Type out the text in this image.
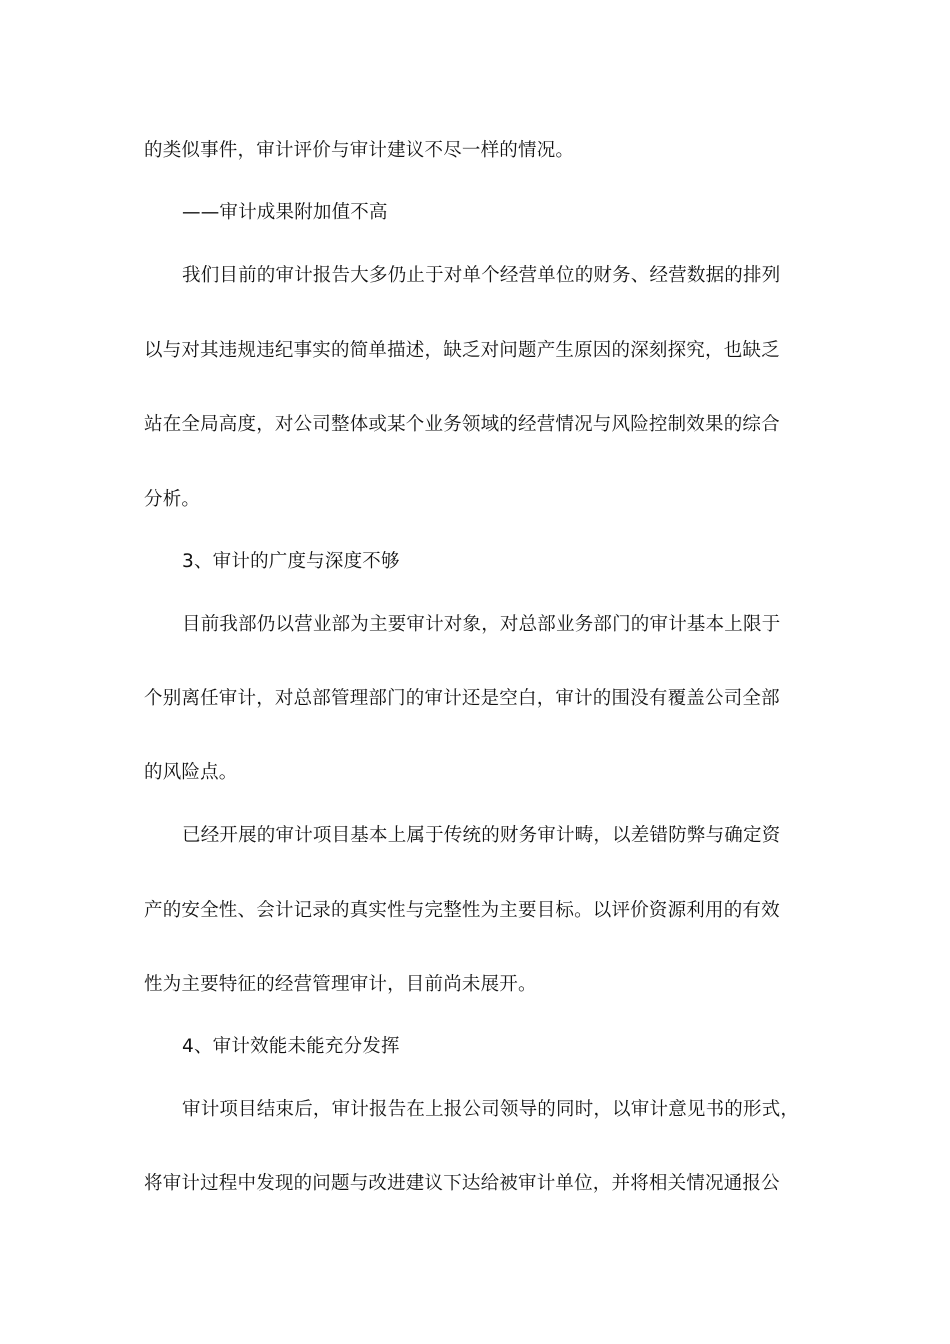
的类似事件，审计评价与审计建议不尽一样的情况。
——审计成果附加值不高
我们目前的审计报告大多仍止于对单个经营单位的财务、经营数据的排列
以与对其违规违纪事实的简单描述，缺乏对问题产生原因的深刻探究，也缺乏
站在全局高度，对公司整体或某个业务领域的经营情况与风险控制效果的综合
分析。
3、审计的广度与深度不够
目前我部仍以营业部为主要审计对象，对总部业务部门的审计基本上限于
个别离任审计，对总部管理部门的审计还是空白，审计的围没有覆盖公司全部
的风险点。
已经开展的审计项目基本上属于传统的财务审计畴，以差错防弊与确定资
产的安全性、会计记录的真实性与完整性为主要目标。以评价资源利用的有效
性为主要特征的经营管理审计，目前尚未展开。
4、审计效能未能充分发挥
审计项目结束后，审计报告在上报公司领导的同时，以审计意见书的形式，
将审计过程中发现的问题与改进建议下达给被审计单位，并将相关情况通报公
